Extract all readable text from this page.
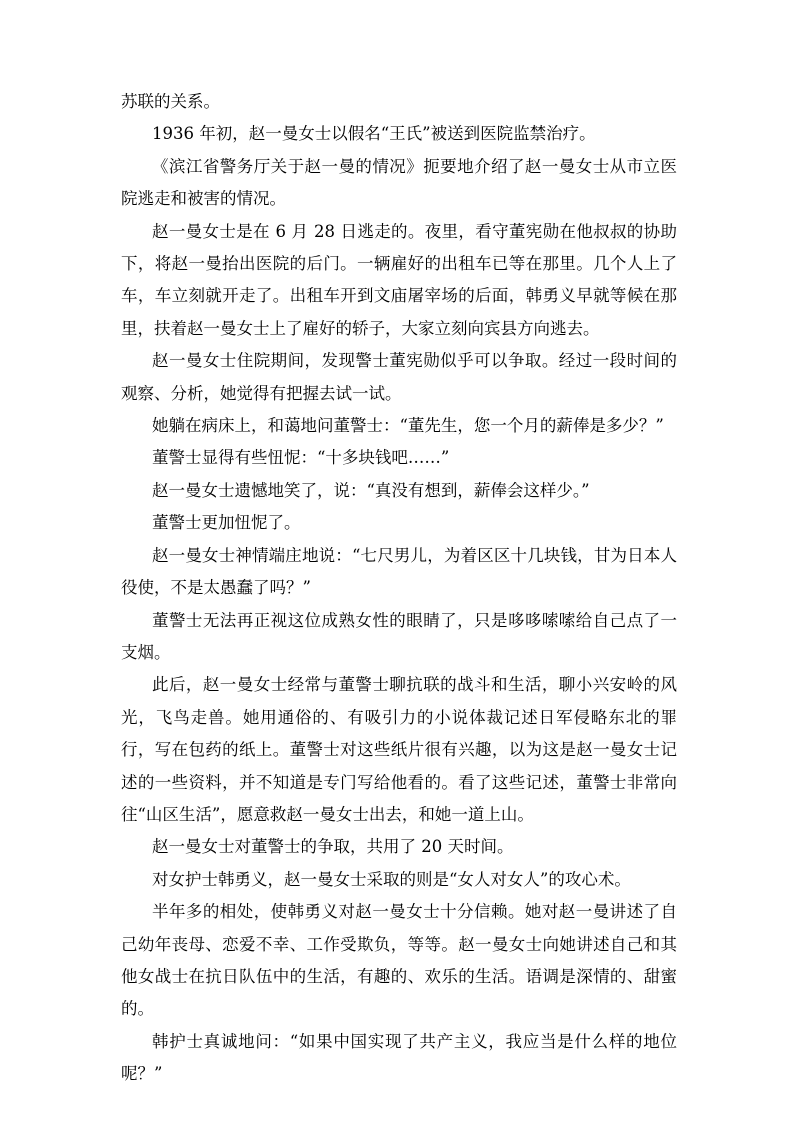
苏联的关系。

1936 年初，赵一曼女士以假名“王氏”被送到医院监禁治疗。

《滨江省警务厅关于赵一曼的情况》扼要地介绍了赵一曼女士从市立医院逃走和被害的情况。

赵一曼女士是在 6 月 28 日逃走的。夜里，看守董宪勋在他叔叔的协助下，将赵一曼抬出医院的后门。一辆雇好的出租车已等在那里。几个人上了车，车立刻就开走了。出租车开到文庙屠宰场的后面，韩勇义早就等候在那里，扶着赵一曼女士上了雇好的轿子，大家立刻向宾县方向逃去。

赵一曼女士住院期间，发现警士董宪勋似乎可以争取。经过一段时间的观察、分析，她觉得有把握去试一试。

她躺在病床上，和蔼地问董警士：“董先生，您一个月的薪俸是多少？”

董警士显得有些忸怩：“十多块钱吧……”

赵一曼女士遗憾地笑了，说：“真没有想到，薪俸会这样少。”

董警士更加忸怩了。

赵一曼女士神情端庄地说：“七尺男儿，为着区区十几块钱，甘为日本人役使，不是太愚蠢了吗？”

董警士无法再正视这位成熟女性的眼睛了，只是哆哆嗦嗦给自己点了一支烟。

此后，赵一曼女士经常与董警士聊抗联的战斗和生活，聊小兴安岭的风光，飞鸟走兽。她用通俗的、有吸引力的小说体裁记述日军侵略东北的罪行，写在包药的纸上。董警士对这些纸片很有兴趣，以为这是赵一曼女士记述的一些资料，并不知道是专门写给他看的。看了这些记述，董警士非常向往“山区生活”，愿意救赵一曼女士出去，和她一道上山。

赵一曼女士对董警士的争取，共用了 20 天时间。

对女护士韩勇义，赵一曼女士采取的则是“女人对女人”的攻心术。

半年多的相处，使韩勇义对赵一曼女士十分信赖。她对赵一曼讲述了自己幼年丧母、恋爱不幸、工作受欺负，等等。赵一曼女士向她讲述自己和其他女战士在抗日队伍中的生活，有趣的、欢乐的生活。语调是深情的、甜蜜的。

韩护士真诚地问：“如果中国实现了共产主义，我应当是什么样的地位呢？”
